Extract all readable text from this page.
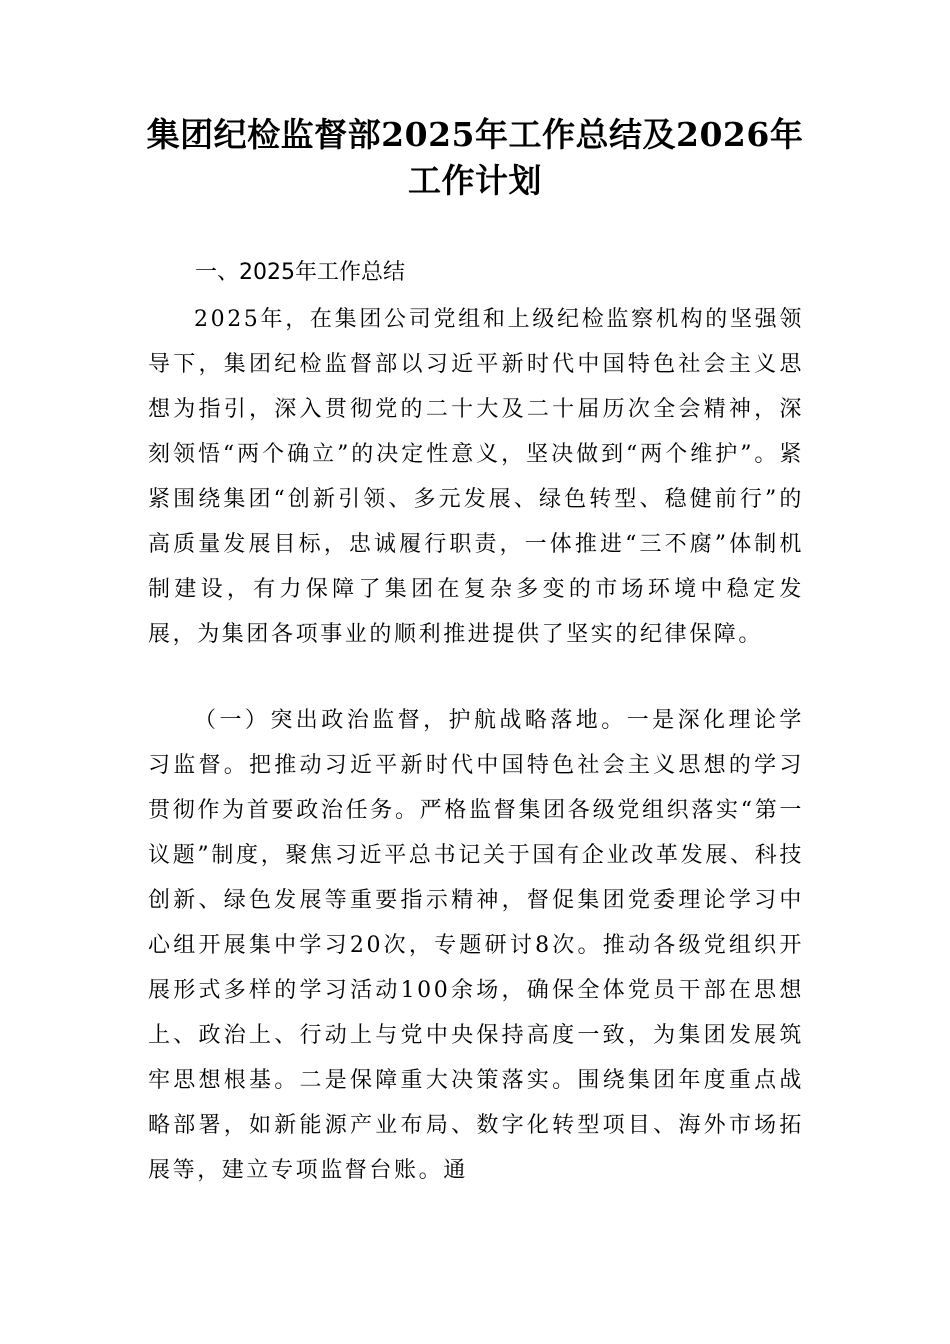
集团纪检监督部2025年工作总结及2026年
工作计划
一、2025年工作总结

2025年，在集团公司党组和上级纪检监察机构的坚强领导下，集团纪检监督部以习近平新时代中国特色社会主义思想为指引，深入贯彻党的二十大及二十届历次全会精神，深刻领悟“两个确立”的决定性意义，坚决做到“两个维护”。紧紧围绕集团“创新引领、多元发展、绿色转型、稳健前行”的高质量发展目标，忠诚履行职责，一体推进“三不腐”体制机制建设，有力保障了集团在复杂多变的市场环境中稳定发展，为集团各项事业的顺利推进提供了坚实的纪律保障。

（一）突出政治监督，护航战略落地。一是深化理论学习监督。把推动习近平新时代中国特色社会主义思想的学习贯彻作为首要政治任务。严格监督集团各级党组织落实“第一议题”制度，聚焦习近平总书记关于国有企业改革发展、科技创新、绿色发展等重要指示精神，督促集团党委理论学习中心组开展集中学习20次，专题研讨8次。推动各级党组织开展形式多样的学习活动100余场，确保全体党员干部在思想上、政治上、行动上与党中央保持高度一致，为集团发展筑牢思想根基。二是保障重大决策落实。围绕集团年度重点战略部署，如新能源产业布局、数字化转型项目、海外市场拓展等，建立专项监督台账。通
